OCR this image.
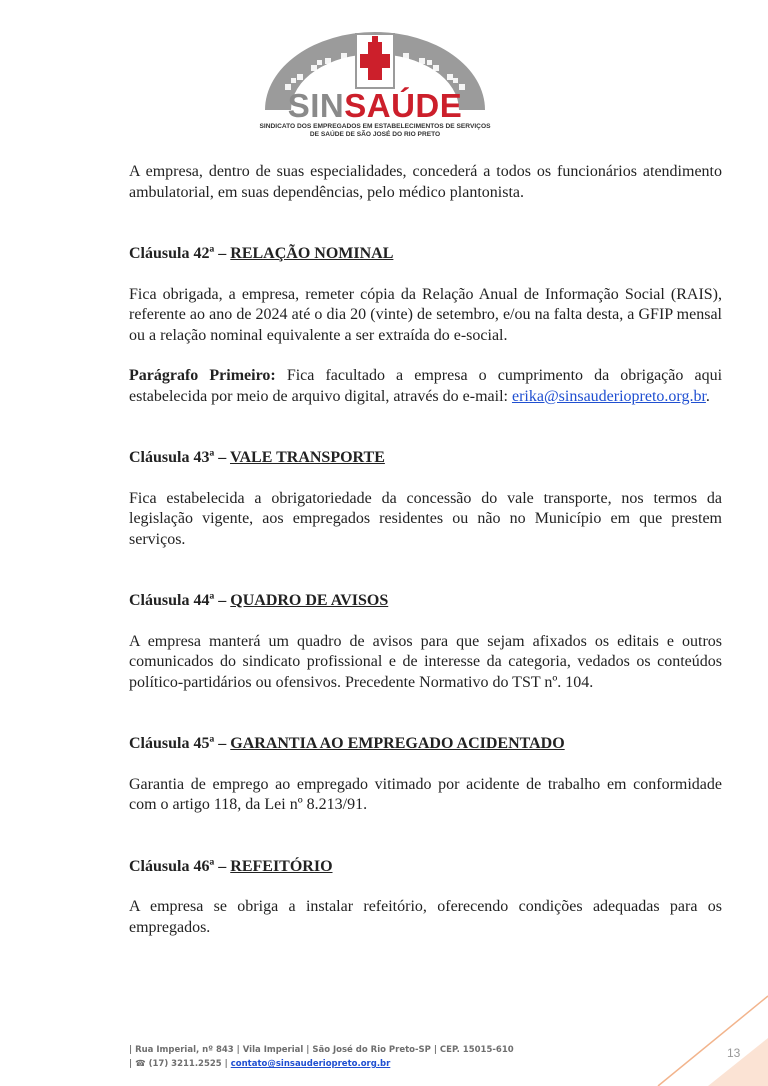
SINSAÚDE
SINDICATO DOS EMPREGADOS EM ESTABELECIMENTOS DE SERVIÇOS
DE SAÚDE DE SÃO JOSÉ DO RIO PRETO

A empresa, dentro de suas especialidades, concederá a todos os funcionários atendimento ambulatorial, em suas dependências, pelo médico plantonista.

Cláusula 42ª – RELAÇÃO NOMINAL

Fica obrigada, a empresa, remeter cópia da Relação Anual de Informação Social (RAIS), referente ao ano de 2024 até o dia 20 (vinte) de setembro, e/ou na falta desta, a GFIP mensal ou a relação nominal equivalente a ser extraída do e-social.

Parágrafo Primeiro: Fica facultado a empresa o cumprimento da obrigação aqui estabelecida por meio de arquivo digital, através do e-mail: erika@sinsauderiopreto.org.br.

Cláusula 43ª – VALE TRANSPORTE

Fica estabelecida a obrigatoriedade da concessão do vale transporte, nos termos da legislação vigente, aos empregados residentes ou não no Município em que prestem serviços.

Cláusula 44ª – QUADRO DE AVISOS

A empresa manterá um quadro de avisos para que sejam afixados os editais e outros comunicados do sindicato profissional e de interesse da categoria, vedados os conteúdos político-partidários ou ofensivos. Precedente Normativo do TST nº. 104.

Cláusula 45ª – GARANTIA AO EMPREGADO ACIDENTADO

Garantia de emprego ao empregado vitimado por acidente de trabalho em conformidade com o artigo 118, da Lei nº 8.213/91.

Cláusula 46ª – REFEITÓRIO

A empresa se obriga a instalar refeitório, oferecendo condições adequadas para os empregados.

| Rua Imperial, nº 843 | Vila Imperial | São José do Rio Preto-SP | CEP. 15015-610
| ☎ (17) 3211.2525 | contato@sinsauderiopreto.org.br
13
